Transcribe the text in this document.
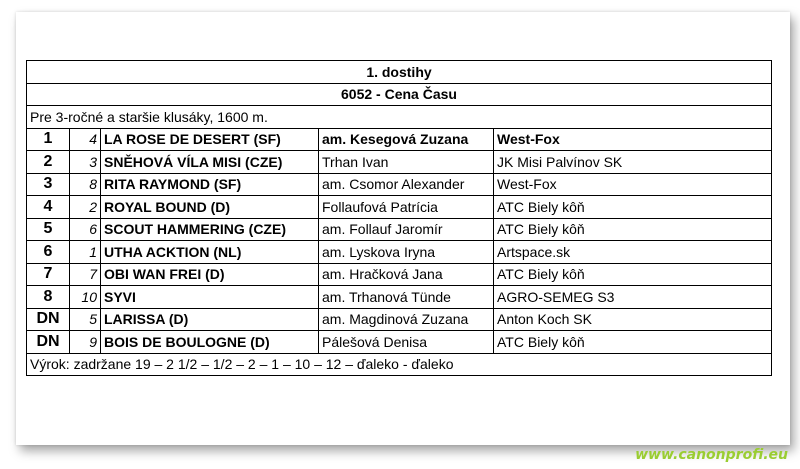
1. dostihy				
6052 - Cena Času				
Pre 3-ročné a staršie klusáky, 1600 m.				
1	4	LA ROSE DE DESERT (SF)	am. Kesegová Zuzana	West-Fox
2	3	SNĚHOVÁ VÍLA MISI (CZE)	Trhan Ivan	JK Misi Palvínov SK
3	8	RITA RAYMOND (SF)	am. Csomor Alexander	West-Fox
4	2	ROYAL BOUND (D)	Follaufová Patrícia	ATC Biely kôň
5	6	SCOUT HAMMERING (CZE)	am. Follauf Jaromír	ATC Biely kôň
6	1	UTHA ACKTION (NL)	am. Lyskova Iryna	Artspace.sk
7	7	OBI WAN FREI (D)	am. Hračková Jana	ATC Biely kôň
8	10	SYVI	am. Trhanová Tünde	AGRO-SEMEG S3
DN	5	LARISSA (D)	am. Magdinová Zuzana	Anton Koch SK
DN	9	BOIS DE BOULOGNE (D)	Pálešová Denisa	ATC Biely kôň
Výrok: zadržane 19 – 2 1/2 – 1/2 – 2 – 1 – 10 – 12 – ďaleko - ďaleko				
www.canonprofi.eu
